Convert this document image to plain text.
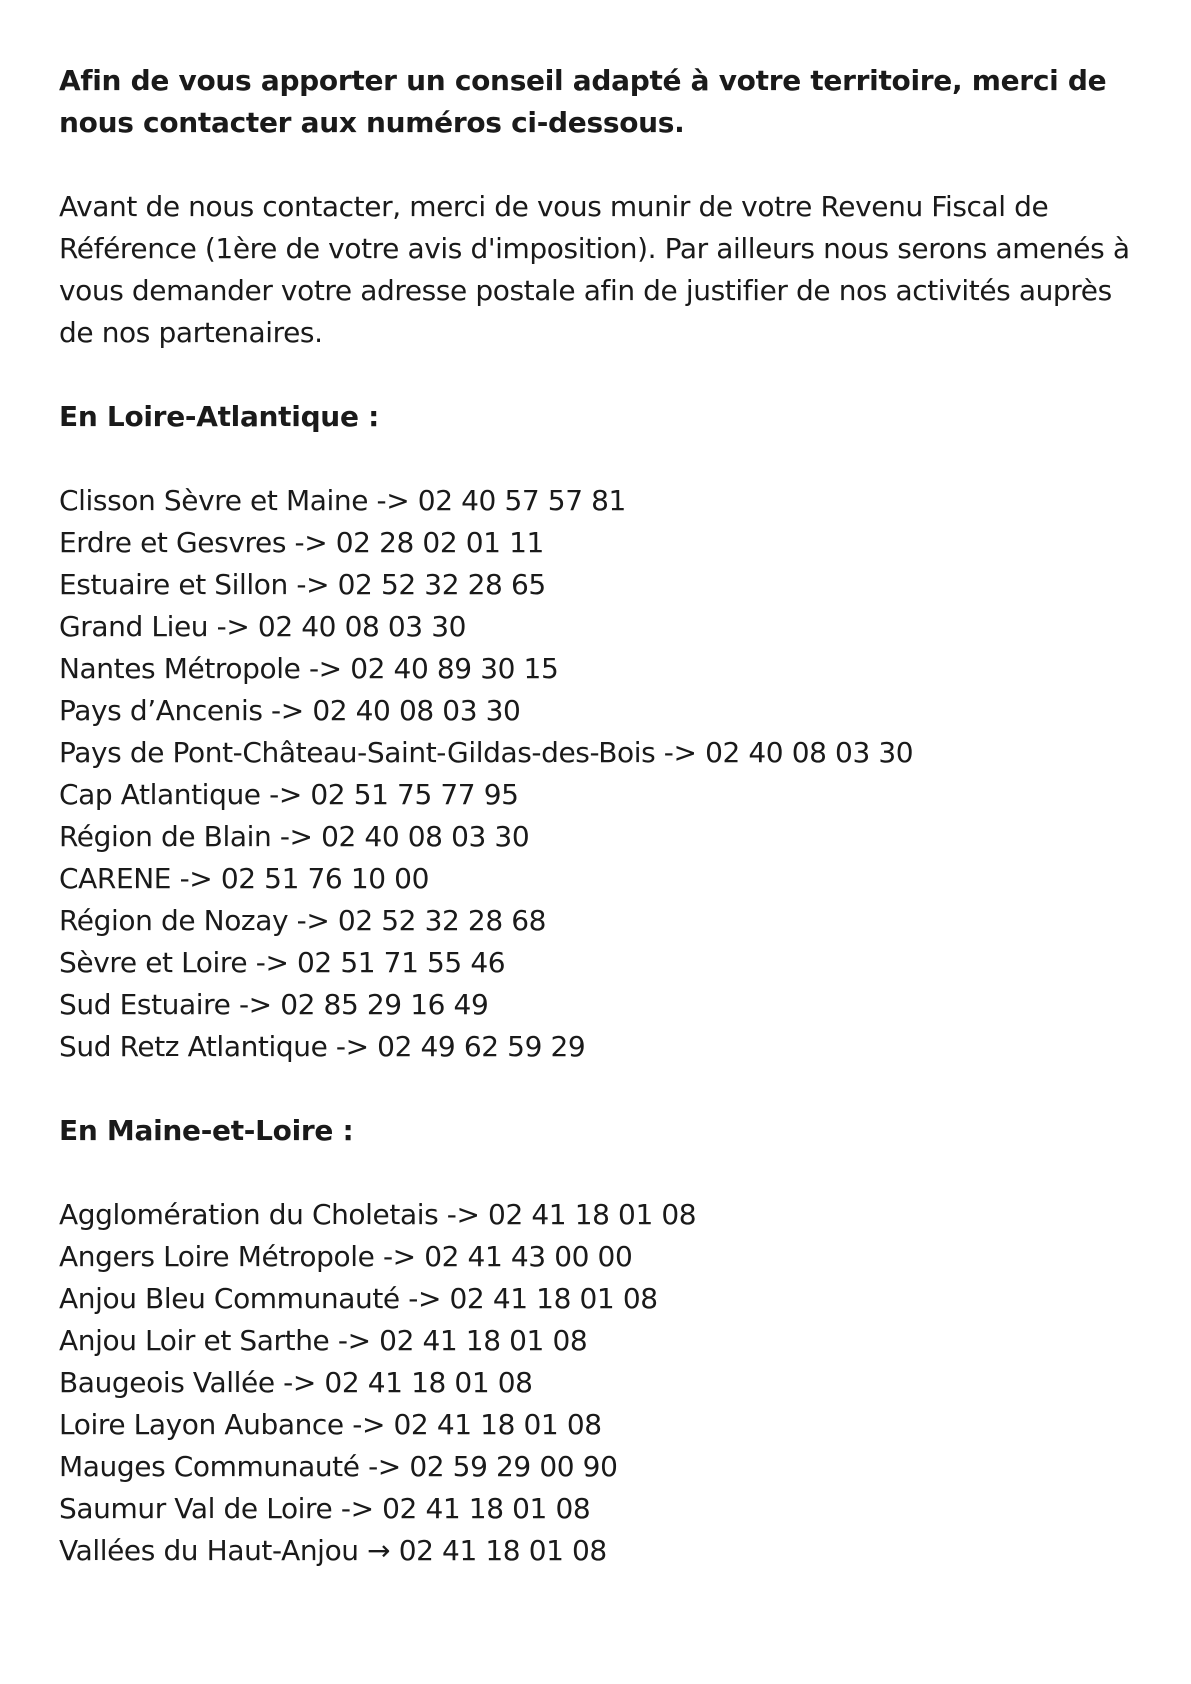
Afin de vous apporter un conseil adapté à votre territoire, merci de nous contacter aux numéros ci-dessous.

Avant de nous contacter, merci de vous munir de votre Revenu Fiscal de Référence (1ère de votre avis d'imposition). Par ailleurs nous serons amenés à vous demander votre adresse postale afin de justifier de nos activités auprès de nos partenaires.

En Loire-Atlantique :

Clisson Sèvre et Maine -> 02 40 57 57 81
Erdre et Gesvres -> 02 28 02 01 11
Estuaire et Sillon -> 02 52 32 28 65
Grand Lieu -> 02 40 08 03 30
Nantes Métropole -> 02 40 89 30 15
Pays d’Ancenis -> 02 40 08 03 30
Pays de Pont-Château-Saint-Gildas-des-Bois -> 02 40 08 03 30
Cap Atlantique -> 02 51 75 77 95
Région de Blain -> 02 40 08 03 30
CARENE -> 02 51 76 10 00
Région de Nozay -> 02 52 32 28 68
Sèvre et Loire -> 02 51 71 55 46
Sud Estuaire -> 02 85 29 16 49
Sud Retz Atlantique -> 02 49 62 59 29

En Maine-et-Loire :

Agglomération du Choletais -> 02 41 18 01 08
Angers Loire Métropole -> 02 41 43 00 00
Anjou Bleu Communauté -> 02 41 18 01 08
Anjou Loir et Sarthe -> 02 41 18 01 08
Baugeois Vallée -> 02 41 18 01 08
Loire Layon Aubance -> 02 41 18 01 08
Mauges Communauté -> 02 59 29 00 90
Saumur Val de Loire -> 02 41 18 01 08
Vallées du Haut-Anjou → 02 41 18 01 08
